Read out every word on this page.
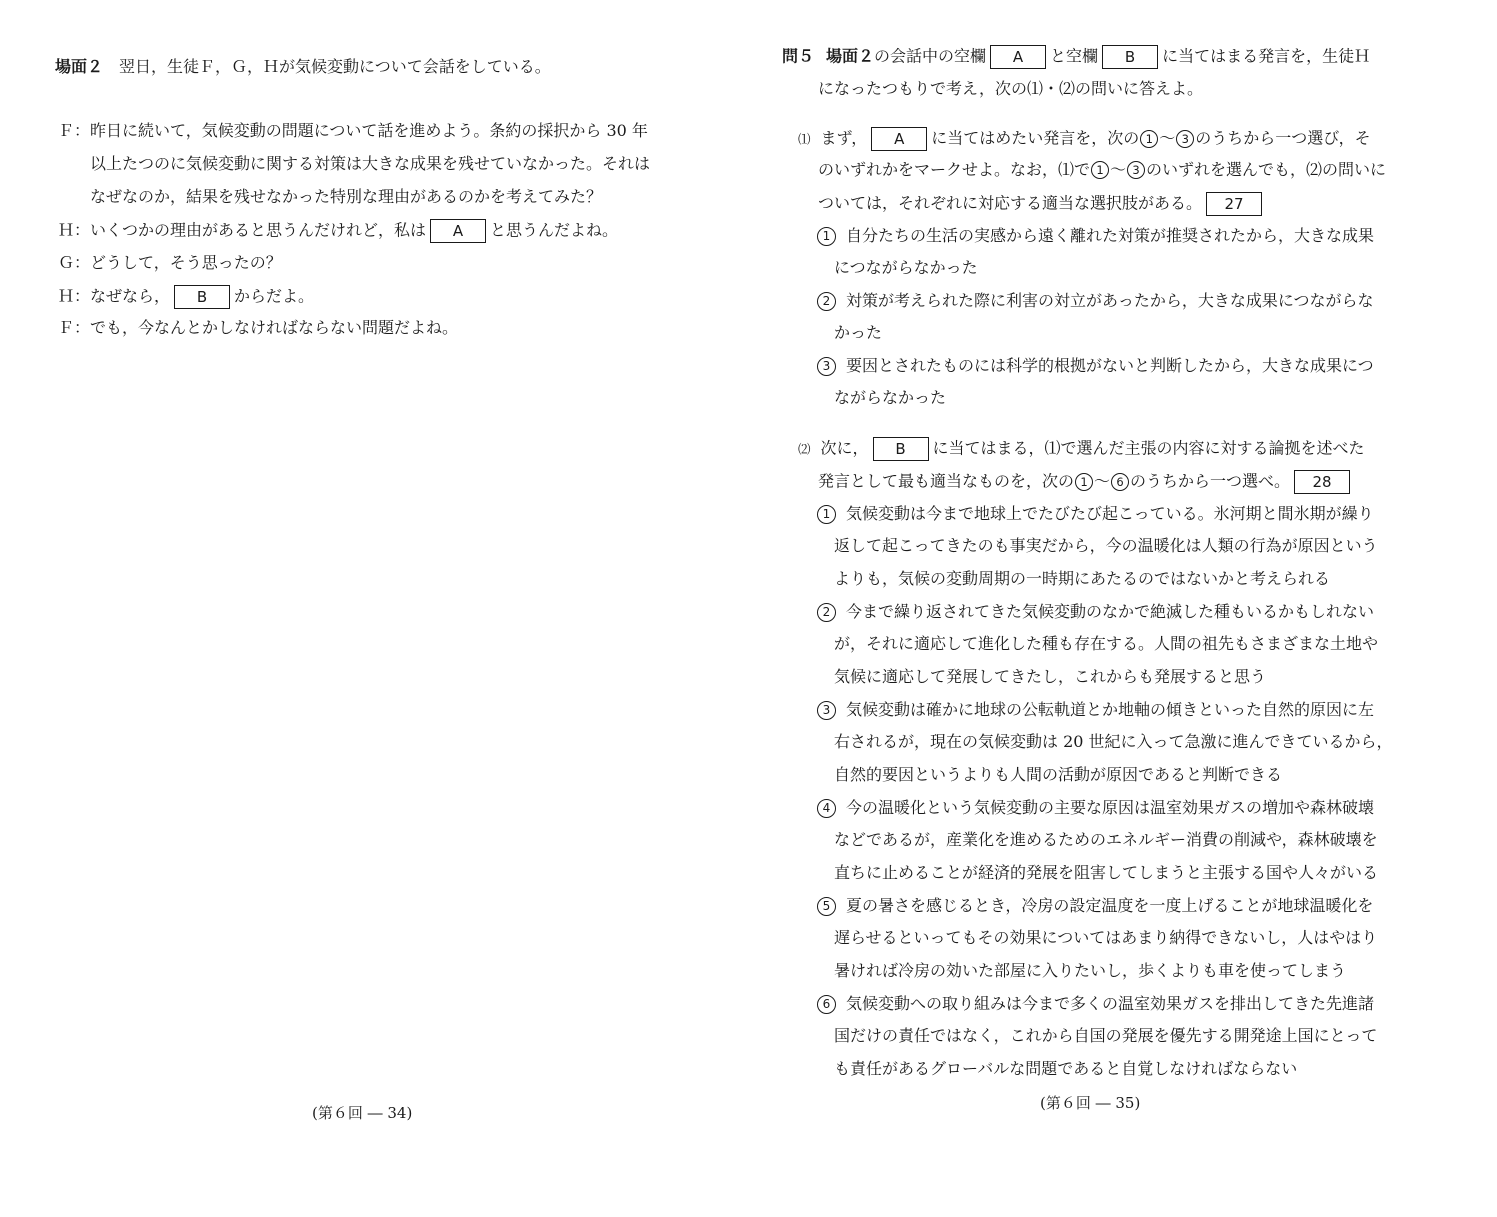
場面２ 翌日，生徒Ｆ，Ｇ，Ｈが気候変動について会話をしている。
Ｆ：昨日に続いて，気候変動の問題について話を進めよう。条約の採択から 30 年
以上たつのに気候変動に関する対策は大きな成果を残せていなかった。それは
なぜなのか，結果を残せなかった特別な理由があるのかを考えてみた？
Ｈ：いくつかの理由があると思うんだけれど，私は A と思うんだよね。
Ｇ：どうして，そう思ったの？
Ｈ：なぜなら， B からだよ。
Ｆ：でも，今なんとかしなければならない問題だよね。
(第６回 ― 34)
問５ 場面２の会話中の空欄 A と空欄 B に当てはまる発言を，生徒Ｈ
になったつもりで考え，次の⑴・⑵の問いに答えよ。
⑴ まず， A に当てはめたい発言を，次の 1 ～ 3 のうちから一つ選び，そ
のいずれかをマークせよ。なお，⑴で 1 ～ 3 のいずれを選んでも，⑵の問いに
ついては，それぞれに対応する適当な選択肢がある。 27
1 自分たちの生活の実感から遠く離れた対策が推奨されたから，大きな成果
につながらなかった
2 対策が考えられた際に利害の対立があったから，大きな成果につながらな
かった
3 要因とされたものには科学的根拠がないと判断したから，大きな成果につ
ながらなかった
⑵ 次に， B に当てはまる，⑴で選んだ主張の内容に対する論拠を述べた
発言として最も適当なものを，次の 1 ～ 6 のうちから一つ選べ。 28
1 気候変動は今まで地球上でたびたび起こっている。氷河期と間氷期が繰り
返して起こってきたのも事実だから，今の温暖化は人類の行為が原因という
よりも，気候の変動周期の一時期にあたるのではないかと考えられる
2 今まで繰り返されてきた気候変動のなかで絶滅した種もいるかもしれない
が，それに適応して進化した種も存在する。人間の祖先もさまざまな土地や
気候に適応して発展してきたし，これからも発展すると思う
3 気候変動は確かに地球の公転軌道とか地軸の傾きといった自然的原因に左
右されるが，現在の気候変動は 20 世紀に入って急激に進んできているから，
自然的要因というよりも人間の活動が原因であると判断できる
4 今の温暖化という気候変動の主要な原因は温室効果ガスの増加や森林破壊
などであるが，産業化を進めるためのエネルギー消費の削減や，森林破壊を
直ちに止めることが経済的発展を阻害してしまうと主張する国や人々がいる
5 夏の暑さを感じるとき，冷房の設定温度を一度上げることが地球温暖化を
遅らせるといってもその効果についてはあまり納得できないし，人はやはり
暑ければ冷房の効いた部屋に入りたいし，歩くよりも車を使ってしまう
6 気候変動への取り組みは今まで多くの温室効果ガスを排出してきた先進諸
国だけの責任ではなく，これから自国の発展を優先する開発途上国にとって
も責任があるグローバルな問題であると自覚しなければならない
(第６回 ― 35)
